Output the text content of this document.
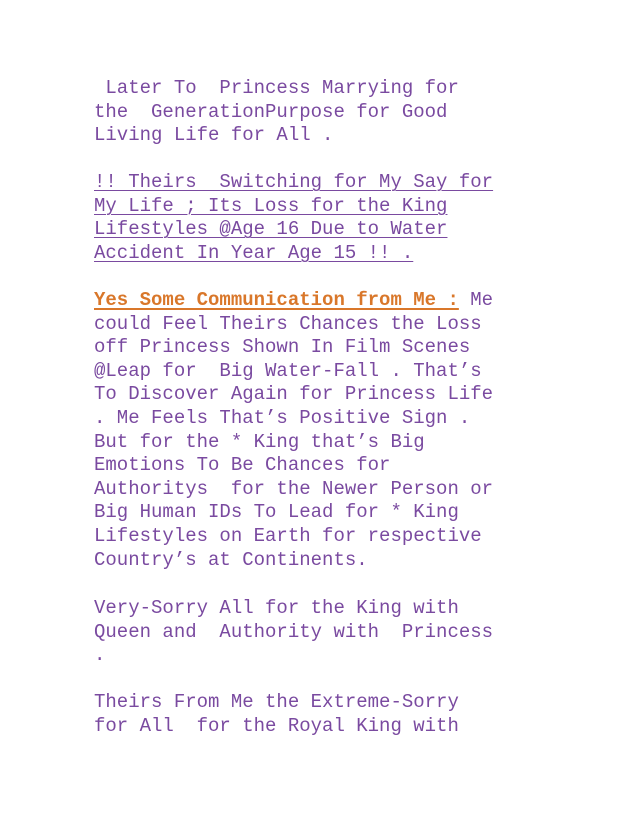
Later To  Princess Marrying for
the  GenerationPurpose for Good
Living Life for All .
!! Theirs  Switching for My Say for
My Life ; Its Loss for the King
Lifestyles @Age 16 Due to Water
Accident In Year Age 15 !! .
Yes Some Communication from Me : Me
could Feel Theirs Chances the Loss
off Princess Shown In Film Scenes
@Leap for  Big Water-Fall . That’s
To Discover Again for Princess Life
. Me Feels That’s Positive Sign .
But for the * King that’s Big
Emotions To Be Chances for
Authoritys  for the Newer Person or
Big Human IDs To Lead for * King
Lifestyles on Earth for respective
Country’s at Continents.
Very-Sorry All for the King with
Queen and  Authority with  Princess
.
Theirs From Me the Extreme-Sorry
for All  for the Royal King with
